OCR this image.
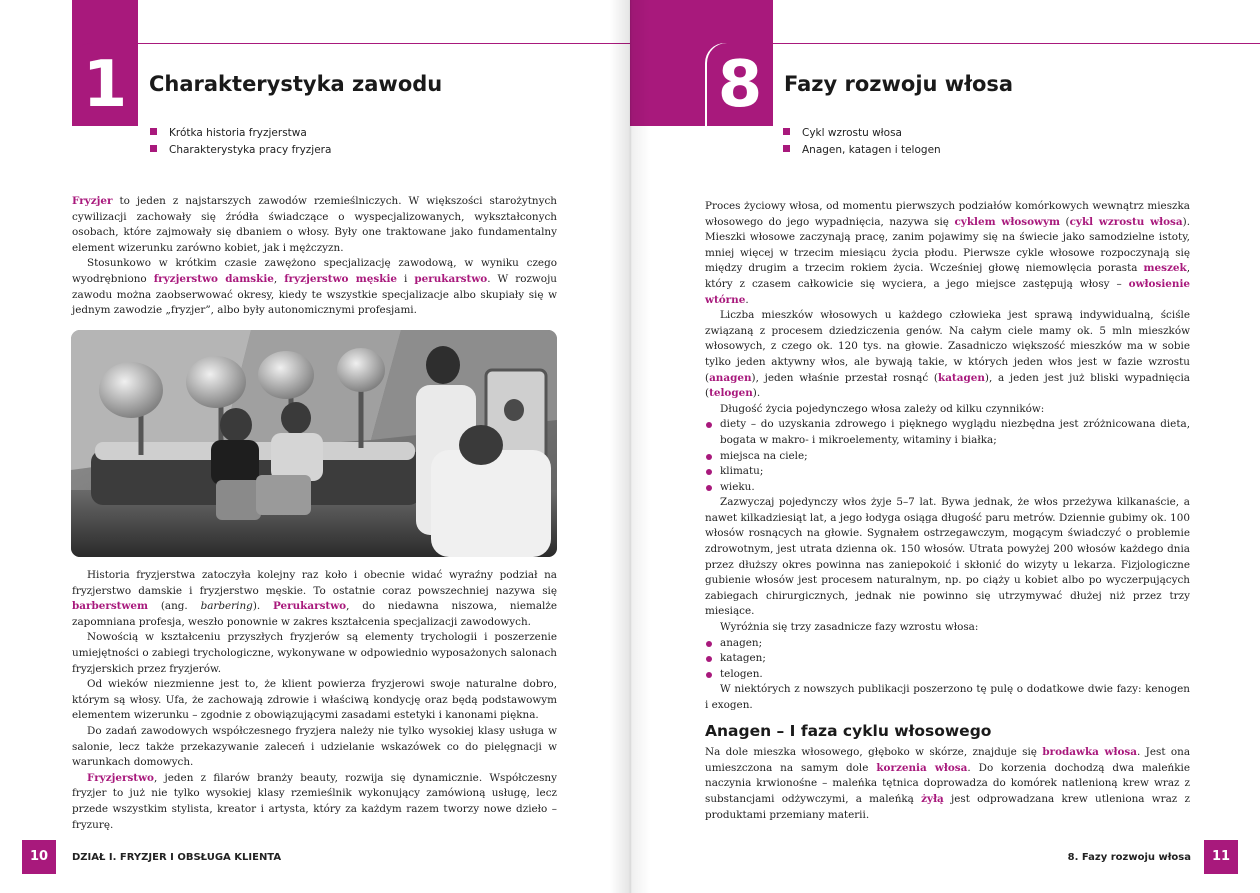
1	Charakterystyka zawodu
Krótka historia fryzjerstwa
Charakterystyka pracy fryzjera

Fryzjer to jeden z najstarszych zawodów rzemieślniczych. W większości starożytnych cywilizacji zachowały się źródła świadczące o wyspecjalizowanych, wykształconych osobach, które zajmowały się dbaniem o włosy. Były one traktowane jako fundamentalny element wizerunku zarówno kobiet, jak i mężczyzn.

Stosunkowo w krótkim czasie zawężono specjalizację zawodową, w wyniku czego wyodrębniono fryzjerstwo damskie, fryzjerstwo męskie i perukarstwo. W rozwoju zawodu można zaobserwować okresy, kiedy te wszystkie specjalizacje albo skupiały się w jednym zawodzie „fryzjer”, albo były autonomicznymi profesjami.

Historia fryzjerstwa zatoczyła kolejny raz koło i obecnie widać wyraźny podział na fryzjerstwo damskie i fryzjerstwo męskie. To ostatnie coraz powszechniej nazywa się barberstwem (ang. barbering). Perukarstwo, do niedawna niszowa, niemalże zapomniana profesja, weszło ponownie w zakres kształcenia specjalizacji zawodowych.

Nowością w kształceniu przyszłych fryzjerów są elementy trychologii i poszerzenie umiejętności o zabiegi trychologiczne, wykonywane w odpowiednio wyposażonych salonach fryzjerskich przez fryzjerów.

Od wieków niezmienne jest to, że klient powierza fryzjerowi swoje naturalne dobro, którym są włosy. Ufa, że zachowają zdrowie i właściwą kondycję oraz będą podstawowym elementem wizerunku – zgodnie z obowiązującymi zasadami estetyki i kanonami piękna.

Do zadań zawodowych współczesnego fryzjera należy nie tylko wysokiej klasy usługa w salonie, lecz także przekazywanie zaleceń i udzielanie wskazówek co do pielęgnacji w warunkach domowych.

Fryzjerstwo, jeden z filarów branży beauty, rozwija się dynamicznie. Współczesny fryzjer to już nie tylko wysokiej klasy rzemieślnik wykonujący zamówioną usługę, lecz przede wszystkim stylista, kreator i artysta, który za każdym razem tworzy nowe dzieło – fryzurę.

10	DZIAŁ I. FRYZJER I OBSŁUGA KLIENTA
8	Fazy rozwoju włosa
Cykl wzrostu włosa
Anagen, katagen i telogen

Proces życiowy włosa, od momentu pierwszych podziałów komórkowych wewnątrz mieszka włosowego do jego wypadnięcia, nazywa się cyklem włosowym (cykl wzrostu włosa). Mieszki włosowe zaczynają pracę, zanim pojawimy się na świecie jako samodzielne istoty, mniej więcej w trzecim miesiącu życia płodu. Pierwsze cykle włosowe rozpoczynają się między drugim a trzecim rokiem życia. Wcześniej głowę niemowlęcia porasta meszek, który z czasem całkowicie się wyciera, a jego miejsce zastępują włosy – owłosienie wtórne.

Liczba mieszków włosowych u każdego człowieka jest sprawą indywidualną, ściśle związaną z procesem dziedziczenia genów. Na całym ciele mamy ok. 5 mln mieszków włosowych, z czego ok. 120 tys. na głowie. Zasadniczo większość mieszków ma w sobie tylko jeden aktywny włos, ale bywają takie, w których jeden włos jest w fazie wzrostu (anagen), jeden właśnie przestał rosnąć (katagen), a jeden jest już bliski wypadnięcia (telogen).

Długość życia pojedynczego włosa zależy od kilku czynników:

diety – do uzyskania zdrowego i pięknego wyglądu niezbędna jest zróżnicowana dieta, bogata w makro- i mikroelementy, witaminy i białka;
miejsca na ciele;
klimatu;
wieku.

Zazwyczaj pojedynczy włos żyje 5–7 lat. Bywa jednak, że włos przeżywa kilkanaście, a nawet kilkadziesiąt lat, a jego łodyga osiąga długość paru metrów. Dziennie gubimy ok. 100 włosów rosnących na głowie. Sygnałem ostrzegawczym, mogącym świadczyć o problemie zdrowotnym, jest utrata dzienna ok. 150 włosów. Utrata powyżej 200 włosów każdego dnia przez dłuższy okres powinna nas zaniepokoić i skłonić do wizyty u lekarza. Fizjologiczne gubienie włosów jest procesem naturalnym, np. po ciąży u kobiet albo po wyczerpujących zabiegach chirurgicznych, jednak nie powinno się utrzymywać dłużej niż przez trzy miesiące.

Wyróżnia się trzy zasadnicze fazy wzrostu włosa:

anagen;
katagen;
telogen.

W niektórych z nowszych publikacji poszerzono tę pulę o dodatkowe dwie fazy: kenogen i exogen.

Anagen – I faza cyklu włosowego

Na dole mieszka włosowego, głęboko w skórze, znajduje się brodawka włosa. Jest ona umieszczona na samym dole korzenia włosa. Do korzenia dochodzą dwa maleńkie naczynia krwionośne – maleńka tętnica doprowadza do komórek natlenioną krew wraz z substancjami odżywczymi, a maleńką żyłą jest odprowadzana krew utleniona wraz z produktami przemiany materii.

8. Fazy rozwoju włosa	11
